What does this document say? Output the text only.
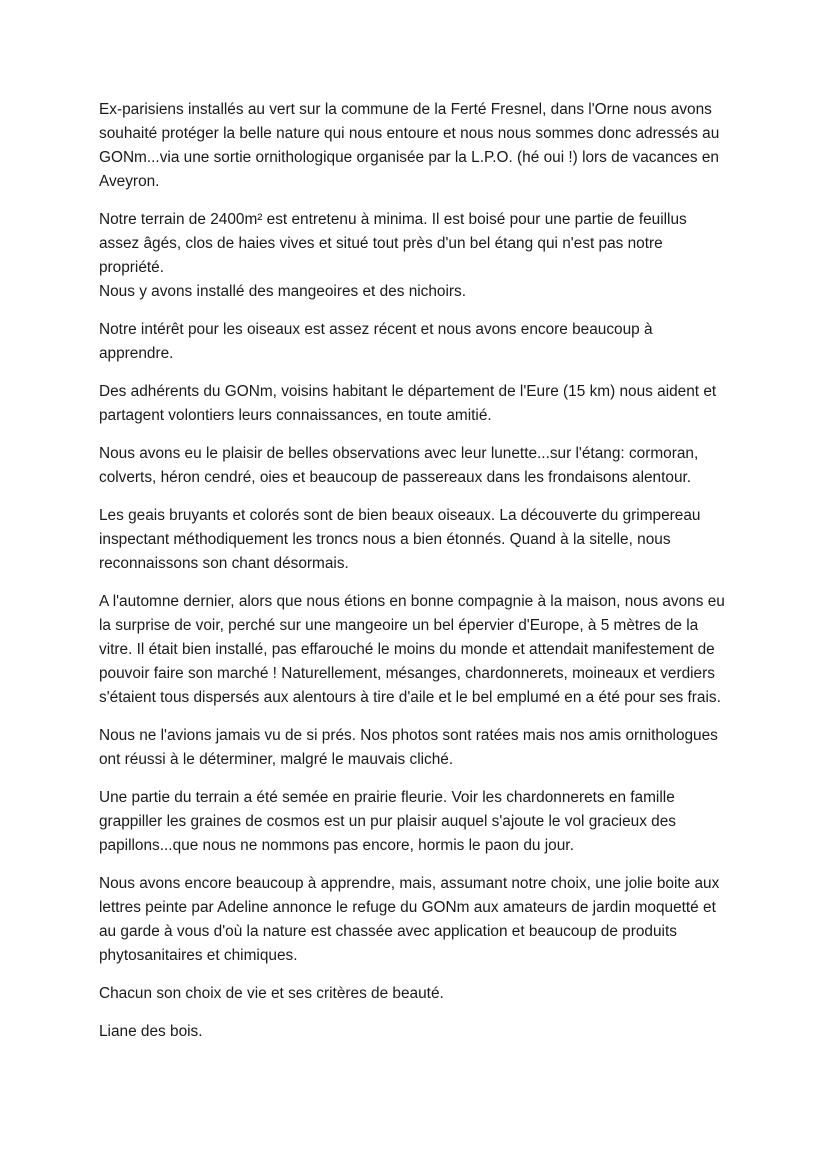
Ex-parisiens installés au vert sur la commune de la Ferté Fresnel, dans l'Orne nous avons
souhaité protéger la belle nature qui nous entoure et nous nous sommes donc adressés au
GONm...via une sortie ornithologique organisée par la L.P.O. (hé oui !) lors de vacances en
Aveyron.

Notre terrain de 2400m² est entretenu à minima. Il est boisé pour une partie de feuillus
assez âgés, clos de haies vives et situé tout près d'un bel étang qui n'est pas notre propriété.
Nous y avons installé des mangeoires et des nichoirs.

Notre intérêt pour les oiseaux est assez récent et nous avons encore beaucoup à apprendre.

Des adhérents du GONm, voisins habitant le département de l'Eure (15 km) nous aident et
partagent volontiers leurs connaissances, en toute amitié.

Nous avons eu le plaisir de belles observations avec leur lunette...sur l'étang: cormoran,
colverts, héron cendré, oies et beaucoup de passereaux dans les frondaisons alentour.

Les geais bruyants et colorés sont de bien beaux oiseaux. La découverte du grimpereau
inspectant méthodiquement les troncs nous a bien étonnés. Quand à la sitelle, nous
reconnaissons son chant désormais.

A l'automne dernier, alors que nous étions en bonne compagnie à la maison, nous avons eu
la surprise de voir, perché sur une mangeoire un bel épervier d'Europe, à 5 mètres de la
vitre. Il était bien installé, pas effarouché le moins du monde et attendait manifestement de
pouvoir faire son marché ! Naturellement, mésanges, chardonnerets, moineaux et verdiers
s'étaient tous dispersés aux alentours à tire d'aile et le bel emplumé en a été pour ses frais.

Nous ne l'avions jamais vu de si prés. Nos photos sont ratées mais nos amis ornithologues
ont réussi à le déterminer, malgré le mauvais cliché.

Une partie du terrain a été semée en prairie fleurie. Voir les chardonnerets en famille
grappiller les graines de cosmos est un pur plaisir auquel s'ajoute le vol gracieux des
papillons...que nous ne nommons pas encore, hormis le paon du jour.

Nous avons encore beaucoup à apprendre, mais, assumant notre choix, une jolie boite aux
lettres peinte par Adeline annonce le refuge du GONm aux amateurs de jardin moquetté et
au garde à vous d'où la nature est chassée avec application et beaucoup de produits
phytosanitaires et chimiques.

Chacun son choix de vie et ses critères de beauté.

Liane des bois.
